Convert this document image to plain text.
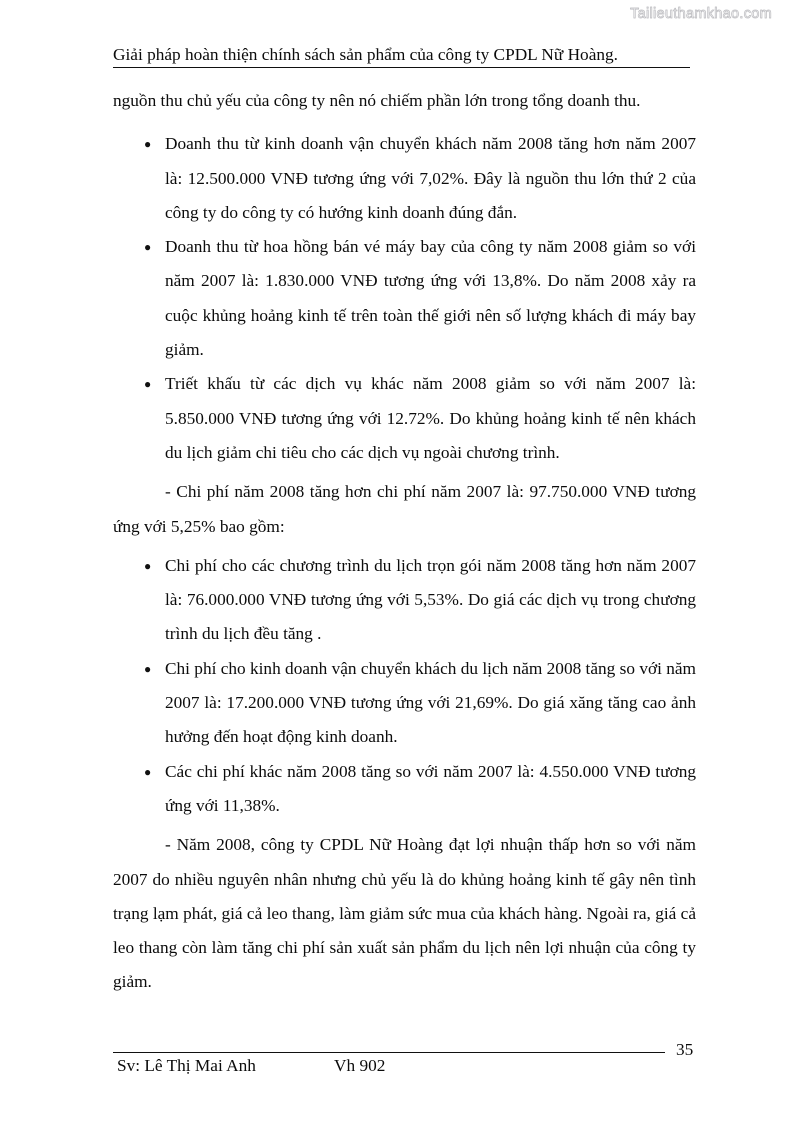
Tailieuthamkhao.com
Giải pháp hoàn thiện chính sách sản phẩm của công ty CPDL Nữ Hoàng.

nguồn thu chủ yếu của công ty nên nó chiếm phần lớn trong tổng doanh thu.

● Doanh thu từ kinh doanh vận chuyển khách năm 2008 tăng hơn năm 2007 là: 12.500.000 VNĐ tương ứng với 7,02%. Đây là nguồn thu lớn thứ 2 của công ty do công ty có hướng kinh doanh đúng đắn.
● Doanh thu từ hoa hồng bán vé máy bay của công ty năm 2008 giảm so với năm 2007 là: 1.830.000 VNĐ tương ứng với 13,8%. Do năm 2008 xảy ra cuộc khủng hoảng kinh tế trên toàn thế giới nên số lượng khách đi máy bay giảm.
● Triết khấu từ các dịch vụ khác năm 2008 giảm so với năm 2007 là: 5.850.000 VNĐ tương ứng với 12.72%. Do khủng hoảng kinh tế nên khách du lịch giảm chi tiêu cho các dịch vụ ngoài chương trình.

- Chi phí năm 2008 tăng hơn chi phí năm 2007 là: 97.750.000 VNĐ tương ứng với 5,25% bao gồm:

● Chi phí cho các chương trình du lịch trọn gói năm 2008 tăng hơn năm 2007 là: 76.000.000 VNĐ tương ứng với 5,53%. Do giá các dịch vụ trong chương trình du lịch đều tăng .
● Chi phí cho kinh doanh vận chuyển khách du lịch năm 2008 tăng so với năm 2007 là: 17.200.000 VNĐ tương ứng với 21,69%. Do giá xăng tăng cao ảnh hưởng đến hoạt động kinh doanh.
● Các chi phí khác năm 2008 tăng so với năm 2007 là: 4.550.000 VNĐ tương ứng với 11,38%.

- Năm 2008, công ty CPDL Nữ Hoàng đạt lợi nhuận thấp hơn so với năm 2007 do nhiều nguyên nhân nhưng chủ yếu là do khủng hoảng kinh tế gây nên tình trạng lạm phát, giá cả leo thang, làm giảm sức mua của khách hàng. Ngoài ra, giá cả leo thang còn làm tăng chi phí sản xuất sản phẩm du lịch nên lợi nhuận của công ty giảm.

Sv: Lê Thị Mai Anh	Vh 902
35
